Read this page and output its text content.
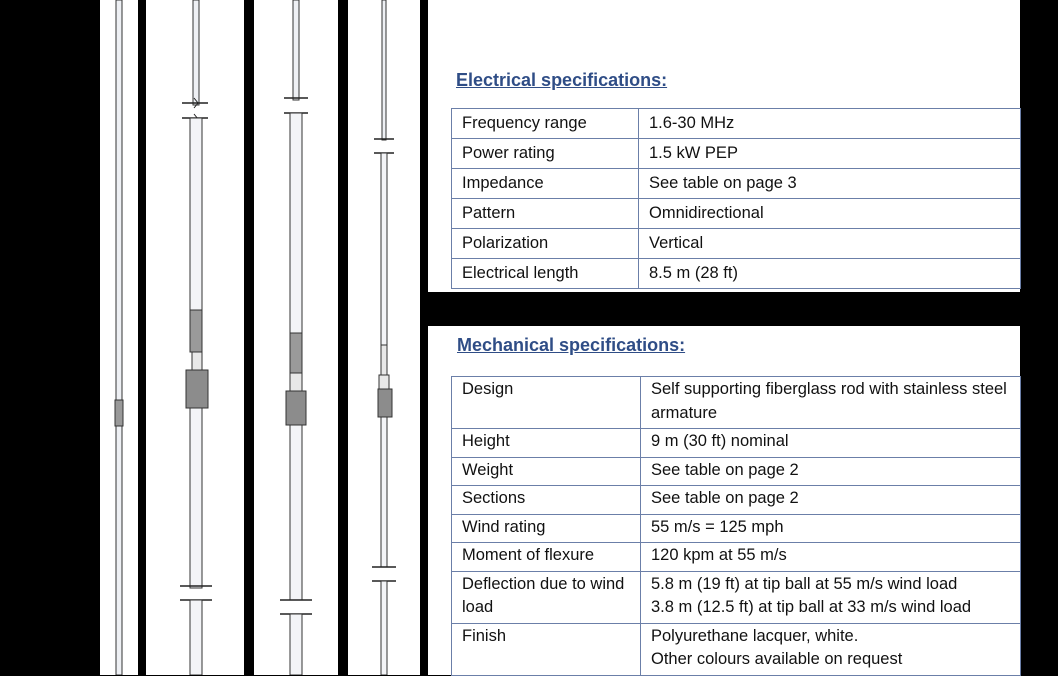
Electrical specifications:
Frequency range	1.6-30 MHz
Power rating	1.5 kW PEP
Impedance	See table on page 3
Pattern	Omnidirectional
Polarization	Vertical
Electrical length	8.5 m (28 ft)
Mechanical specifications:
Design	Self supporting fiberglass rod with stainless steel armature
Height	9 m (30 ft) nominal
Weight	See table on page 2
Sections	See table on page 2
Wind rating	55 m/s = 125 mph
Moment of flexure	120 kpm at 55 m/s
Deflection due to wind load	5.8 m (19 ft) at tip ball at 55 m/s wind load
3.8 m (12.5 ft) at tip ball at 33 m/s wind load
Finish	Polyurethane lacquer, white.
Other colours available on request
